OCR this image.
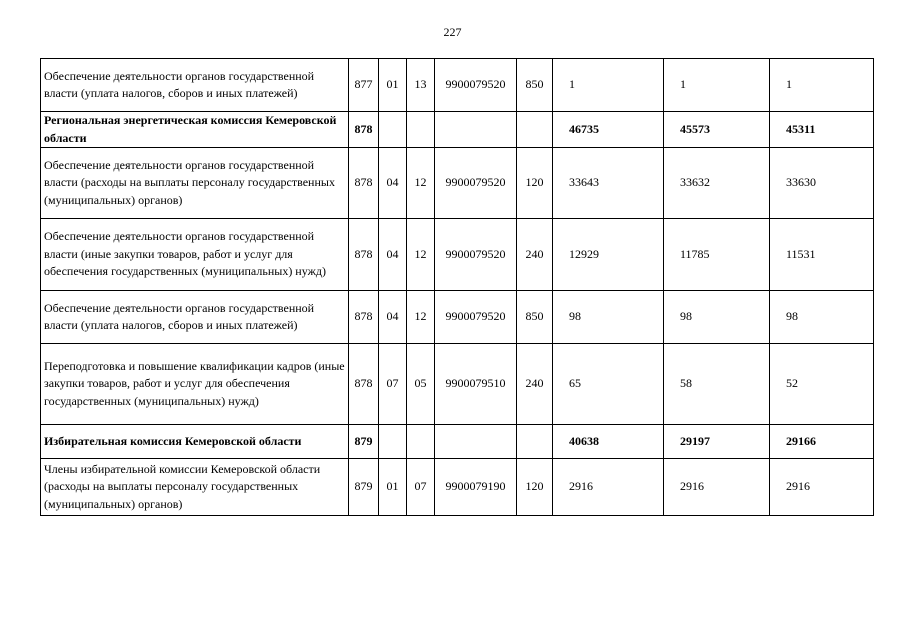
227
Обеспечение деятельности органов государственной власти (уплата налогов, сборов и иных платежей)	877	01	13	9900079520	850	1	1	1
Региональная энергетическая комиссия Кемеровской области	878					46735	45573	45311
Обеспечение деятельности органов государственной власти (расходы на выплаты персоналу государственных (муниципальных) органов)	878	04	12	9900079520	120	33643	33632	33630
Обеспечение деятельности органов государственной власти (иные закупки товаров, работ и услуг для обеспечения государственных (муниципальных) нужд)	878	04	12	9900079520	240	12929	11785	11531
Обеспечение деятельности органов государственной власти (уплата налогов, сборов и иных платежей)	878	04	12	9900079520	850	98	98	98
Переподготовка и повышение квалификации кадров (иные закупки товаров, работ и услуг для обеспечения государственных (муниципальных) нужд)	878	07	05	9900079510	240	65	58	52
Избирательная комиссия Кемеровской области	879					40638	29197	29166
Члены избирательной комиссии Кемеровской области (расходы на выплаты персоналу государственных (муниципальных) органов)	879	01	07	9900079190	120	2916	2916	2916
